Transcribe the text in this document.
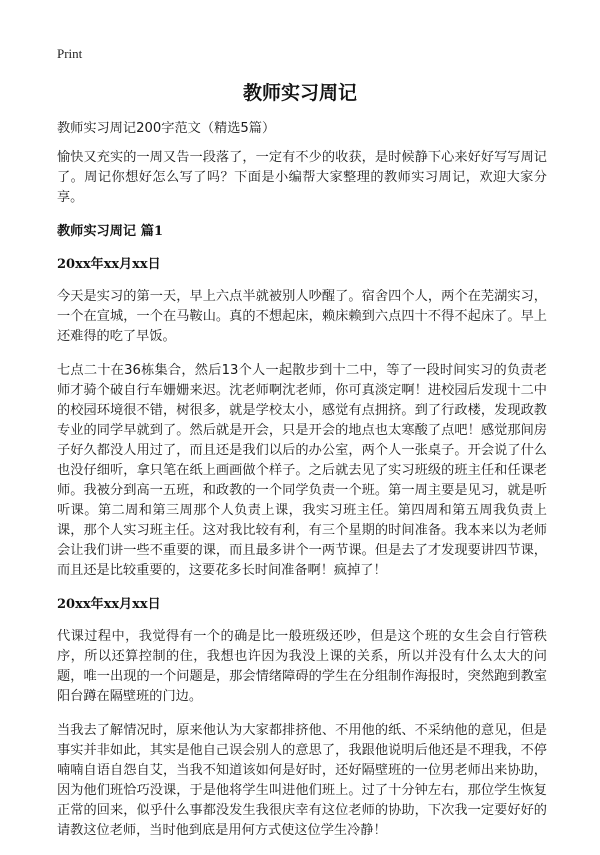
Print
教师实习周记

教师实习周记200字范文（精选5篇）

愉快又充实的一周又告一段落了，一定有不少的收获，是时候静下心来好好写写周记了。周记你想好怎么写了吗？下面是小编帮大家整理的教师实习周记，欢迎大家分享。

教师实习周记 篇1
20xx年xx月xx日

今天是实习的第一天，早上六点半就被别人吵醒了。宿舍四个人，两个在芜湖实习，一个在宣城，一个在马鞍山。真的不想起床，赖床赖到六点四十不得不起床了。早上还难得的吃了早饭。

七点二十在36栋集合，然后13个人一起散步到十二中，等了一段时间实习的负责老师才骑个破自行车姗姗来迟。沈老师啊沈老师，你可真淡定啊！进校园后发现十二中的校园环境很不错，树很多，就是学校太小，感觉有点拥挤。到了行政楼，发现政教专业的同学早就到了。然后就是开会，只是开会的地点也太寒酸了点吧！感觉那间房子好久都没人用过了，而且还是我们以后的办公室，两个人一张桌子。开会说了什么也没仔细听，拿只笔在纸上画画做个样子。之后就去见了实习班级的班主任和任课老师。我被分到高一五班，和政教的一个同学负责一个班。第一周主要是见习，就是听听课。第二周和第三周那个人负责上课，我实习班主任。第四周和第五周我负责上课，那个人实习班主任。这对我比较有利，有三个星期的时间准备。我本来以为老师会让我们讲一些不重要的课，而且最多讲个一两节课。但是去了才发现要讲四节课，而且还是比较重要的，这要花多长时间准备啊！疯掉了！

20xx年xx月xx日

代课过程中，我觉得有一个的确是比一般班级还吵，但是这个班的女生会自行管秩序，所以还算控制的住，我想也许因为我没上课的关系，所以并没有什么太大的问题，唯一出现的一个问题是，那会情绪障碍的学生在分组制作海报时，突然跑到教室阳台蹲在隔壁班的门边。

当我去了解情况时，原来他认为大家都排挤他、不用他的纸、不采纳他的意见，但是事实并非如此，其实是他自己误会别人的意思了，我跟他说明后他还是不理我，不停喃喃自语自怨自艾，当我不知道该如何是好时，还好隔壁班的一位男老师出来协助，因为他们班恰巧没课，于是他将学生叫进他们班上。过了十分钟左右，那位学生恢复正常的回来，似乎什么事都没发生我很庆幸有这位老师的协助，下次我一定要好好的请教这位老师，当时他到底是用何方式使这位学生冷静！
